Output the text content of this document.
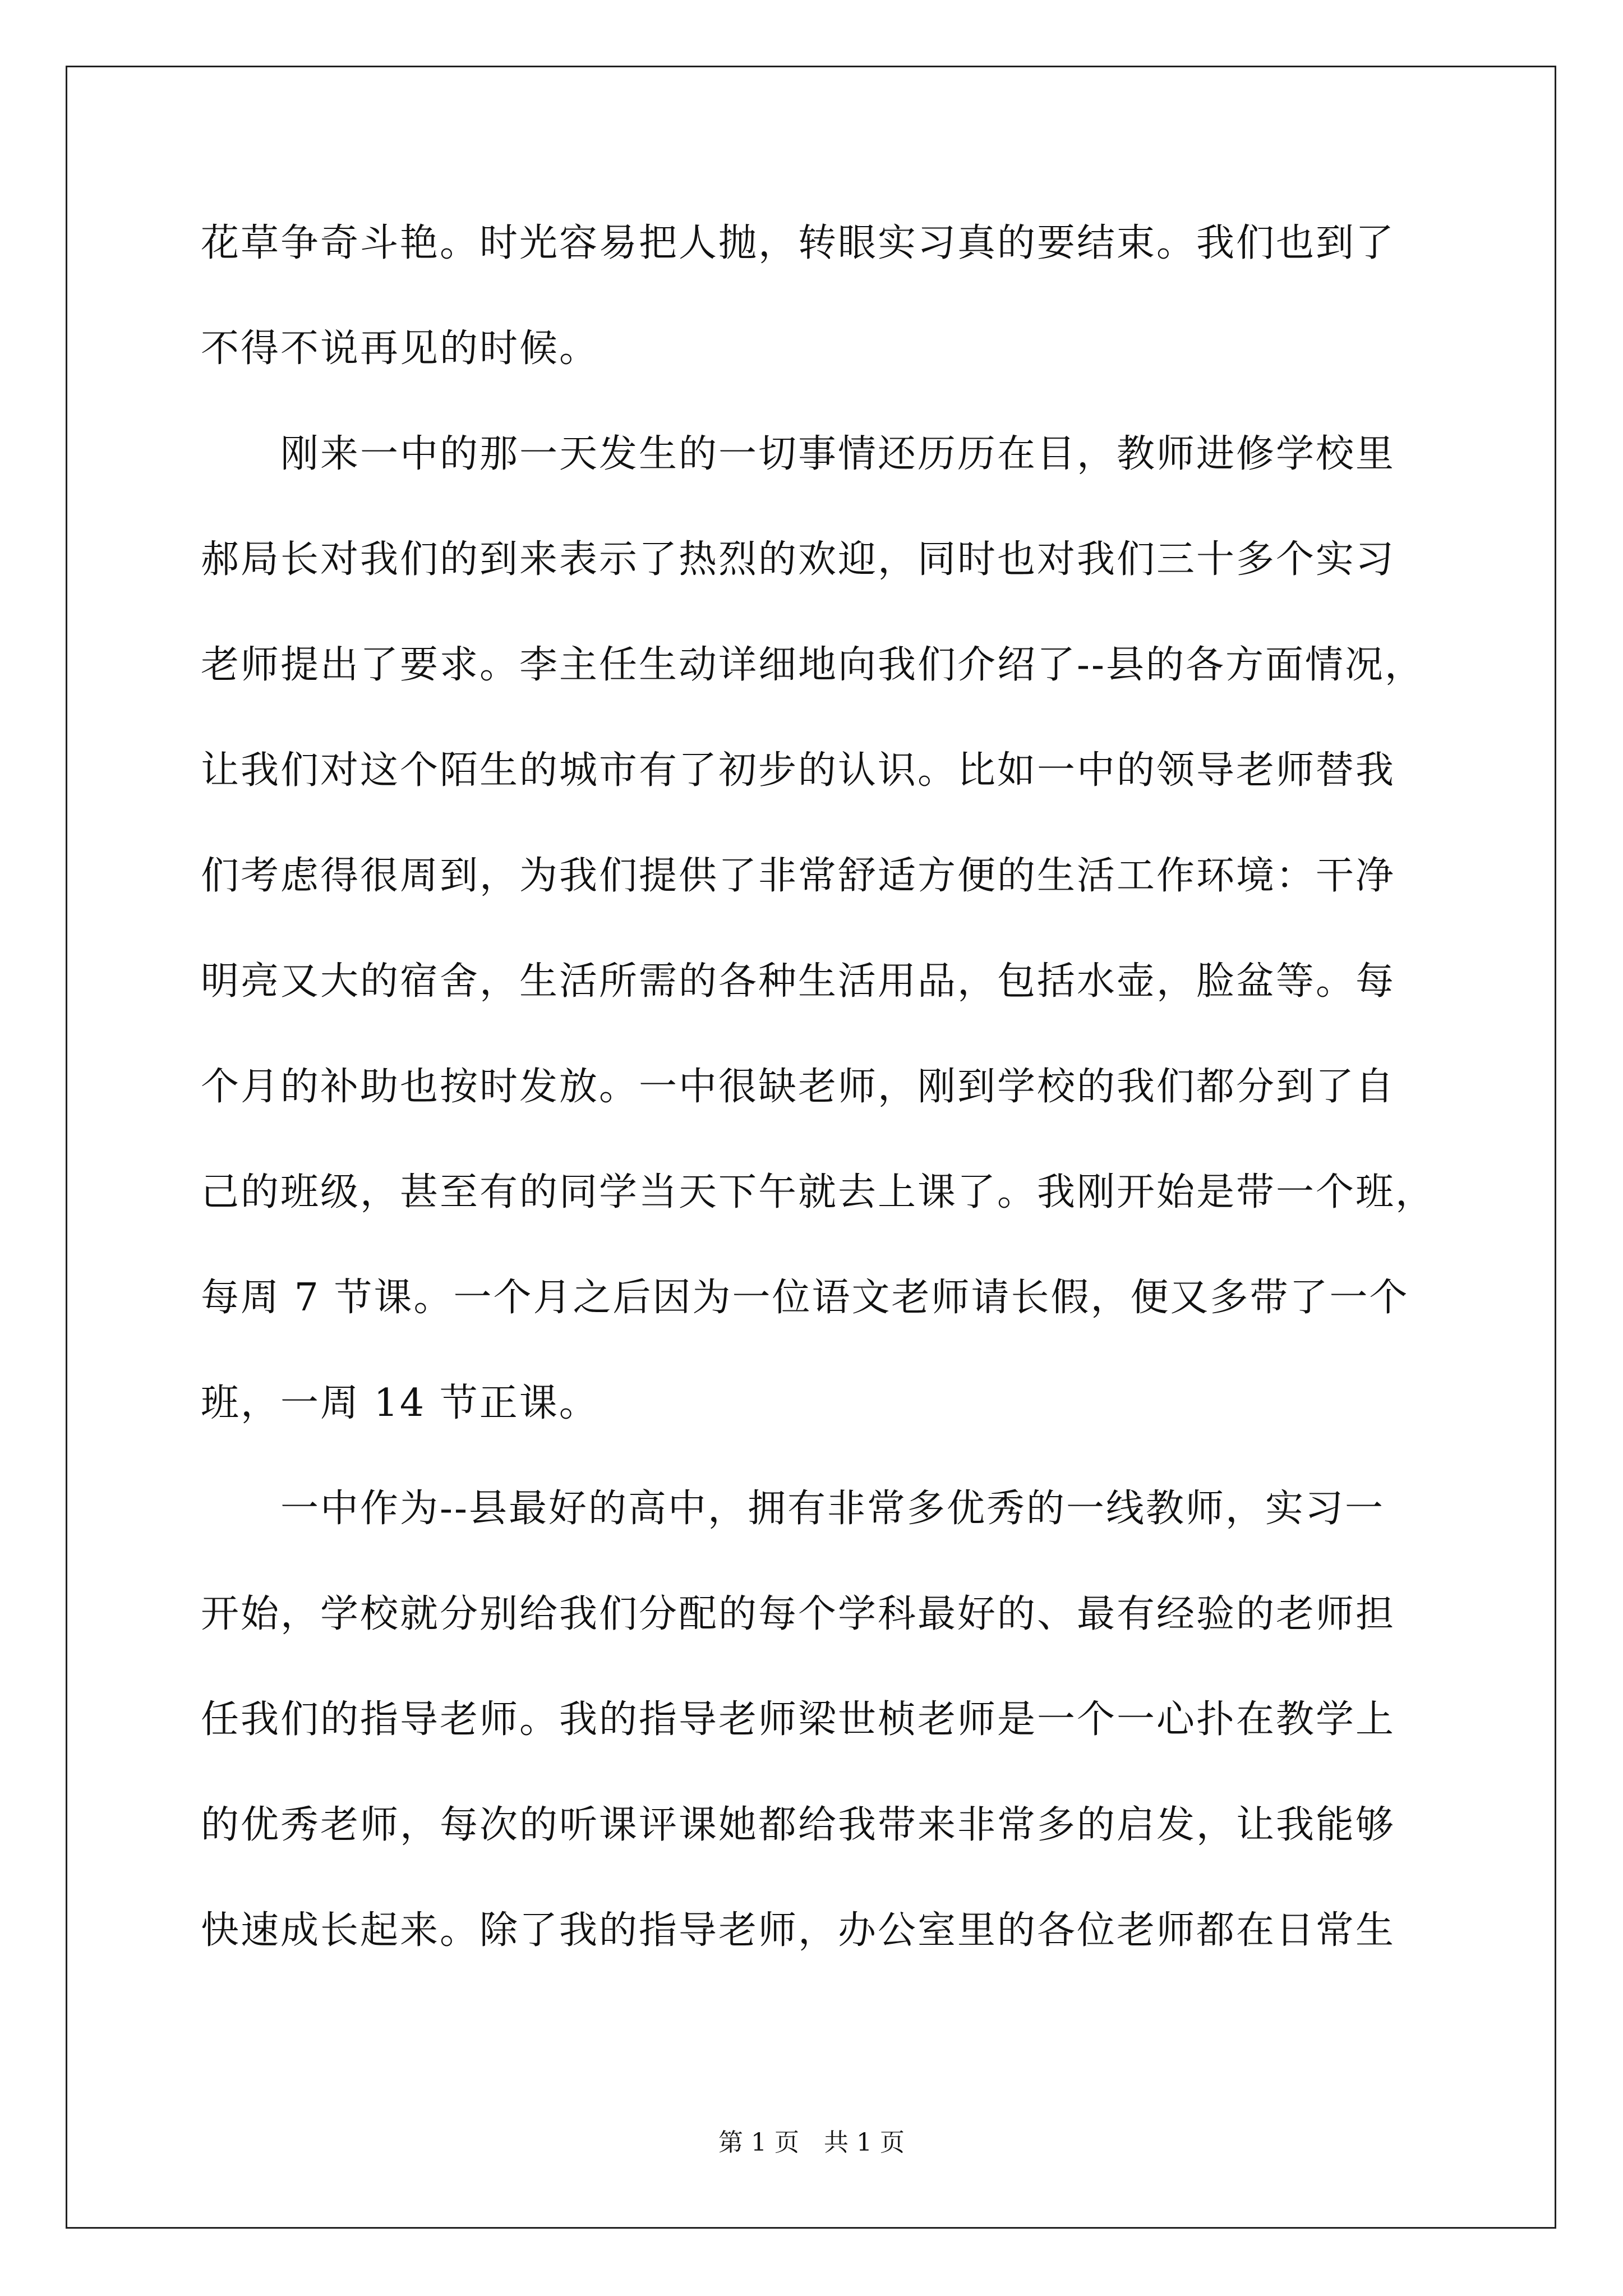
花草争奇斗艳。时光容易把人抛，转眼实习真的要结束。我们也到了
不得不说再见的时候。
　　刚来一中的那一天发生的一切事情还历历在目，教师进修学校里
郝局长对我们的到来表示了热烈的欢迎，同时也对我们三十多个实习
老师提出了要求。李主任生动详细地向我们介绍了--县的各方面情况，
让我们对这个陌生的城市有了初步的认识。比如一中的领导老师替我
们考虑得很周到，为我们提供了非常舒适方便的生活工作环境：干净
明亮又大的宿舍，生活所需的各种生活用品，包括水壶，脸盆等。每
个月的补助也按时发放。一中很缺老师，刚到学校的我们都分到了自
己的班级，甚至有的同学当天下午就去上课了。我刚开始是带一个班，
每周 7 节课。一个月之后因为一位语文老师请长假，便又多带了一个
班，一周 14 节正课。
　　一中作为--县最好的高中，拥有非常多优秀的一线教师，实习一
开始，学校就分别给我们分配的每个学科最好的、最有经验的老师担
任我们的指导老师。我的指导老师梁世桢老师是一个一心扑在教学上
的优秀老师，每次的听课评课她都给我带来非常多的启发，让我能够
快速成长起来。除了我的指导老师，办公室里的各位老师都在日常生
第 1 页　共 1 页
